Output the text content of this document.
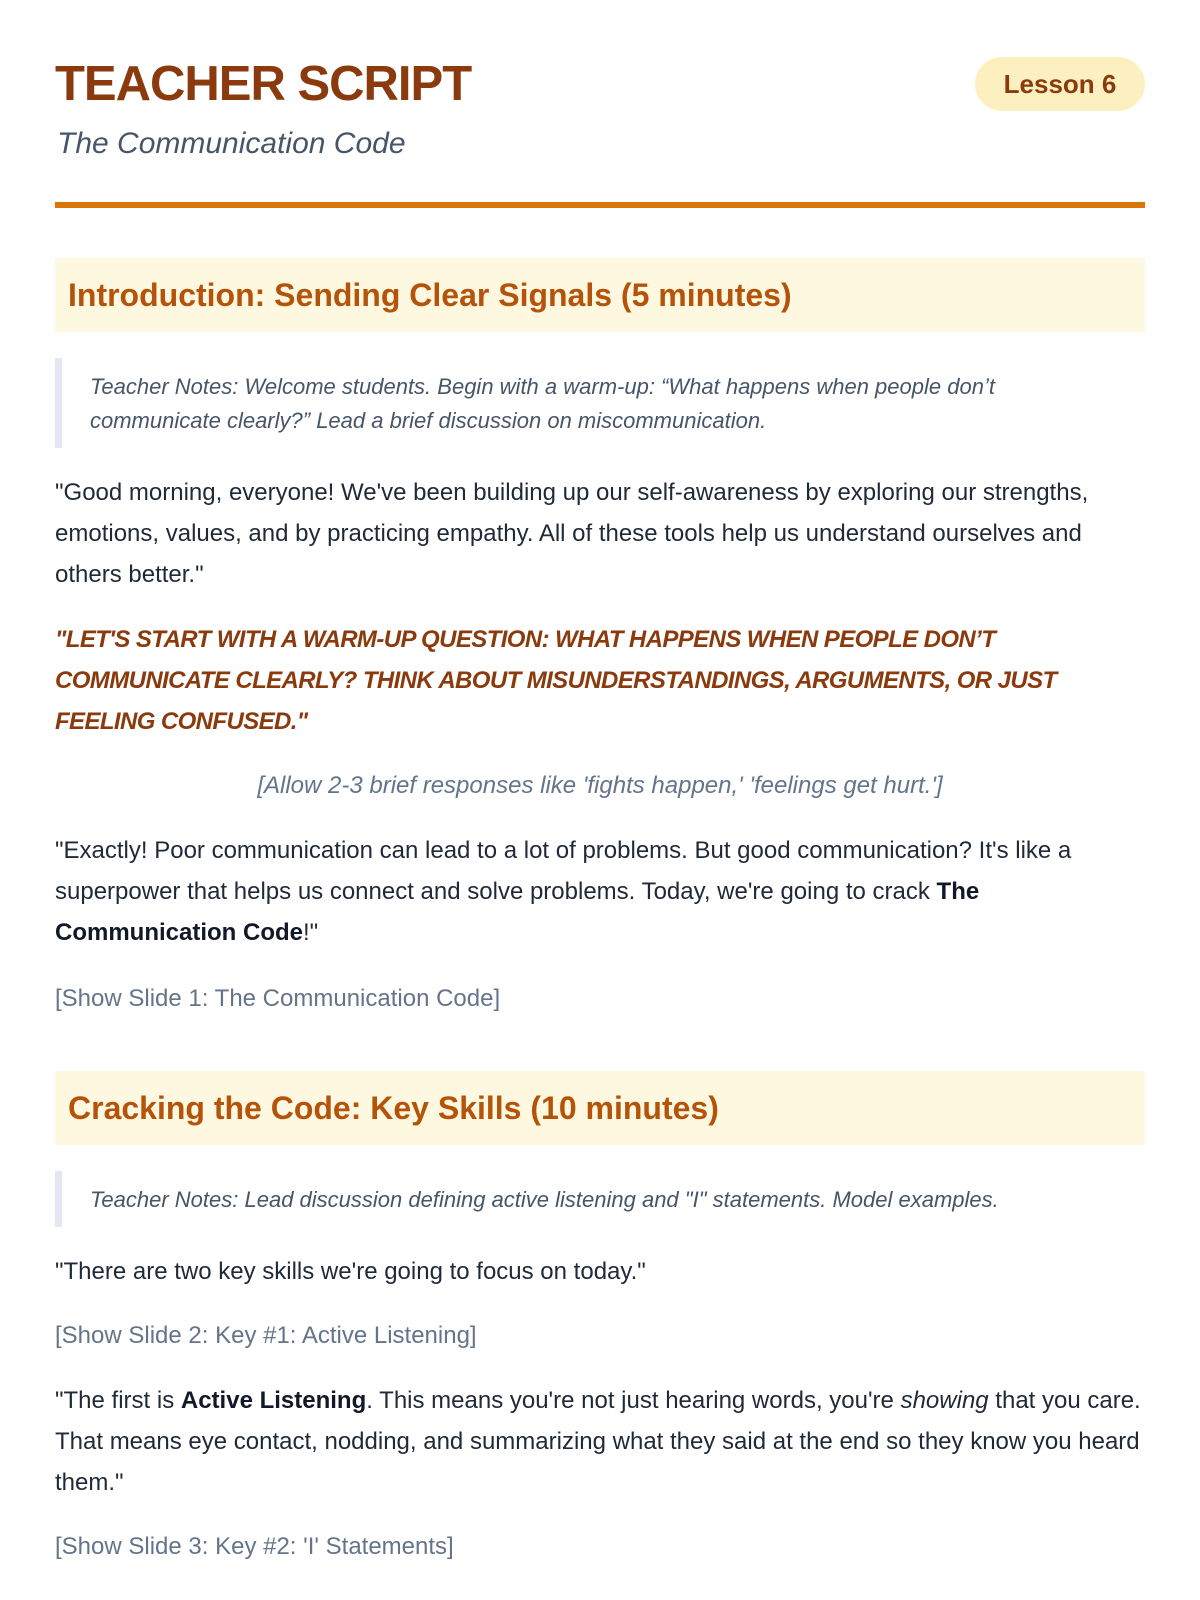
TEACHER SCRIPT
The Communication Code
Lesson 6
Introduction: Sending Clear Signals (5 minutes)
Teacher Notes: Welcome students. Begin with a warm-up: “What happens when people don’t communicate clearly?” Lead a brief discussion on miscommunication.

"Good morning, everyone! We've been building up our self-awareness by exploring our strengths, emotions, values, and by practicing empathy. All of these tools help us understand ourselves and others better."

"LET'S START WITH A WARM-UP QUESTION: WHAT HAPPENS WHEN PEOPLE DON’T COMMUNICATE CLEARLY? THINK ABOUT MISUNDERSTANDINGS, ARGUMENTS, OR JUST FEELING CONFUSED."

[Allow 2-3 brief responses like 'fights happen,' 'feelings get hurt.']

"Exactly! Poor communication can lead to a lot of problems. But good communication? It's like a superpower that helps us connect and solve problems. Today, we're going to crack The Communication Code!"

[Show Slide 1: The Communication Code]

Cracking the Code: Key Skills (10 minutes)
Teacher Notes: Lead discussion defining active listening and "I" statements. Model examples.

"There are two key skills we're going to focus on today."

[Show Slide 2: Key #1: Active Listening]

"The first is Active Listening. This means you're not just hearing words, you're showing that you care. That means eye contact, nodding, and summarizing what they said at the end so they know you heard them."

[Show Slide 3: Key #2: 'I' Statements]
